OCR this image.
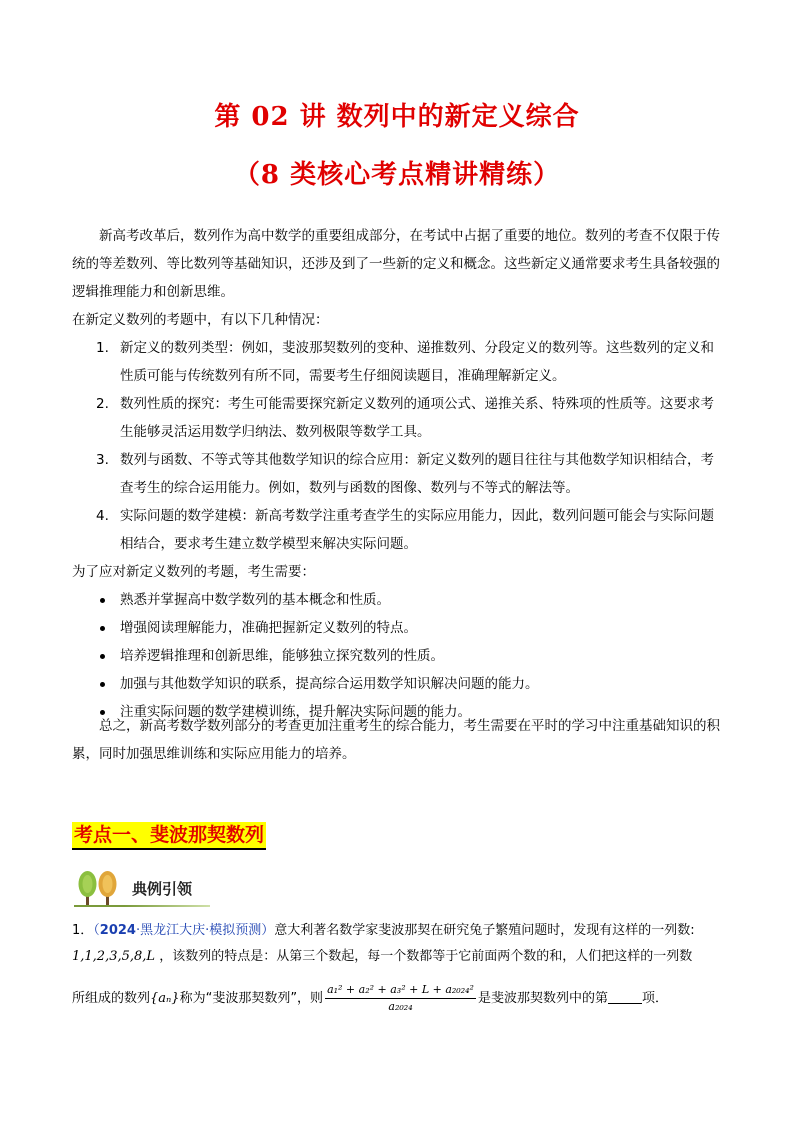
第 02 讲 数列中的新定义综合
（8 类核心考点精讲精练）
新高考改革后，数列作为高中数学的重要组成部分，在考试中占据了重要的地位。数列的考查不仅限于传统的等差数列、等比数列等基础知识，还涉及到了一些新的定义和概念。这些新定义通常要求考生具备较强的逻辑推理能力和创新思维。
在新定义数列的考题中，有以下几种情况：
1. 新定义的数列类型：例如，斐波那契数列的变种、递推数列、分段定义的数列等。这些数列的定义和性质可能与传统数列有所不同，需要考生仔细阅读题目，准确理解新定义。
2. 数列性质的探究：考生可能需要探究新定义数列的通项公式、递推关系、特殊项的性质等。这要求考生能够灵活运用数学归纳法、数列极限等数学工具。
3. 数列与函数、不等式等其他数学知识的综合应用：新定义数列的题目往往与其他数学知识相结合，考查考生的综合运用能力。例如，数列与函数的图像、数列与不等式的解法等。
4. 实际问题的数学建模：新高考数学注重考查学生的实际应用能力，因此，数列问题可能会与实际问题相结合，要求考生建立数学模型来解决实际问题。
为了应对新定义数列的考题，考生需要：
熟悉并掌握高中数学数列的基本概念和性质。
增强阅读理解能力，准确把握新定义数列的特点。
培养逻辑推理和创新思维，能够独立探究数列的性质。
加强与其他数学知识的联系，提高综合运用数学知识解决问题的能力。
注重实际问题的数学建模训练，提升解决实际问题的能力。
总之，新高考数学数列部分的考查更加注重考生的综合能力，考生需要在平时的学习中注重基础知识的积累，同时加强思维训练和实际应用能力的培养。
考点一、斐波那契数列
典例引领
1．（2024·黑龙江大庆·模拟预测）意大利著名数学家斐波那契在研究兔子繁殖问题时，发现有这样的一列数:
1,1,2,3,5,8,L ，该数列的特点是：从第三个数起，每一个数都等于它前面两个数的和，人们把这样的一列数
所组成的数列{aₙ}称为“斐波那契数列”，则 $\frac{\text{a₁² + a₂² + a₃² + L + a₂₀₂₄²}}{\text{a₂₀₂₄}}$ 是斐波那契数列中的第	项．
